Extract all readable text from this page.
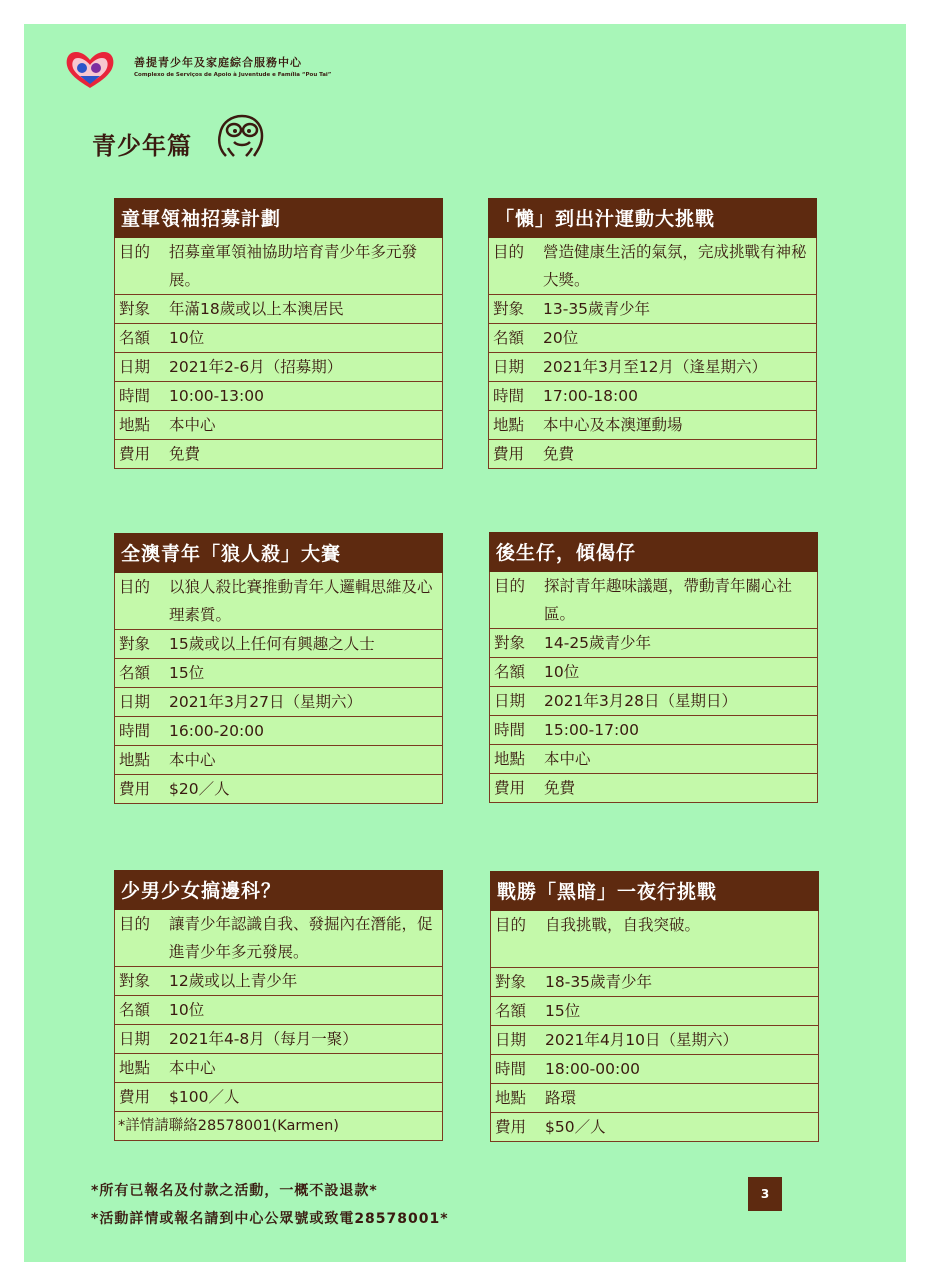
善提青少年及家庭綜合服務中心
Complexo de Serviços de Apoio à Juventude e Família “Pou Tai”
青少年篇
童軍領袖招募計劃
目的	招募童軍領袖協助培育青少年多元發展。
對象	年滿18歲或以上本澳居民
名額	10位
日期	2021年2-6月（招募期）
時間	10:00-13:00
地點	本中心
費用	免費
「懶」到出汁運動大挑戰
目的	營造健康生活的氣氛，完成挑戰有神秘大獎。
對象	13-35歲青少年
名額	20位
日期	2021年3月至12月（逢星期六）
時間	17:00-18:00
地點	本中心及本澳運動場
費用	免費
全澳青年「狼人殺」大賽
目的	以狼人殺比賽推動青年人邏輯思維及心理素質。
對象	15歲或以上任何有興趣之人士
名額	15位
日期	2021年3月27日（星期六）
時間	16:00-20:00
地點	本中心
費用	$20／人
後生仔，傾偈仔
目的	探討青年趣味議題，帶動青年關心社區。
對象	14-25歲青少年
名額	10位
日期	2021年3月28日（星期日）
時間	15:00-17:00
地點	本中心
費用	免費
少男少女搞邊科？
目的	讓青少年認識自我、發掘內在潛能，促進青少年多元發展。
對象	12歲或以上青少年
名額	10位
日期	2021年4-8月（每月一聚）
地點	本中心
費用	$100／人
*詳情請聯絡28578001(Karmen)
戰勝「黑暗」一夜行挑戰
目的	自我挑戰，自我突破。
對象	18-35歲青少年
名額	15位
日期	2021年4月10日（星期六）
時間	18:00-00:00
地點	路環
費用	$50／人
*所有已報名及付款之活動，一概不設退款*
*活動詳情或報名請到中心公眾號或致電28578001*
3
